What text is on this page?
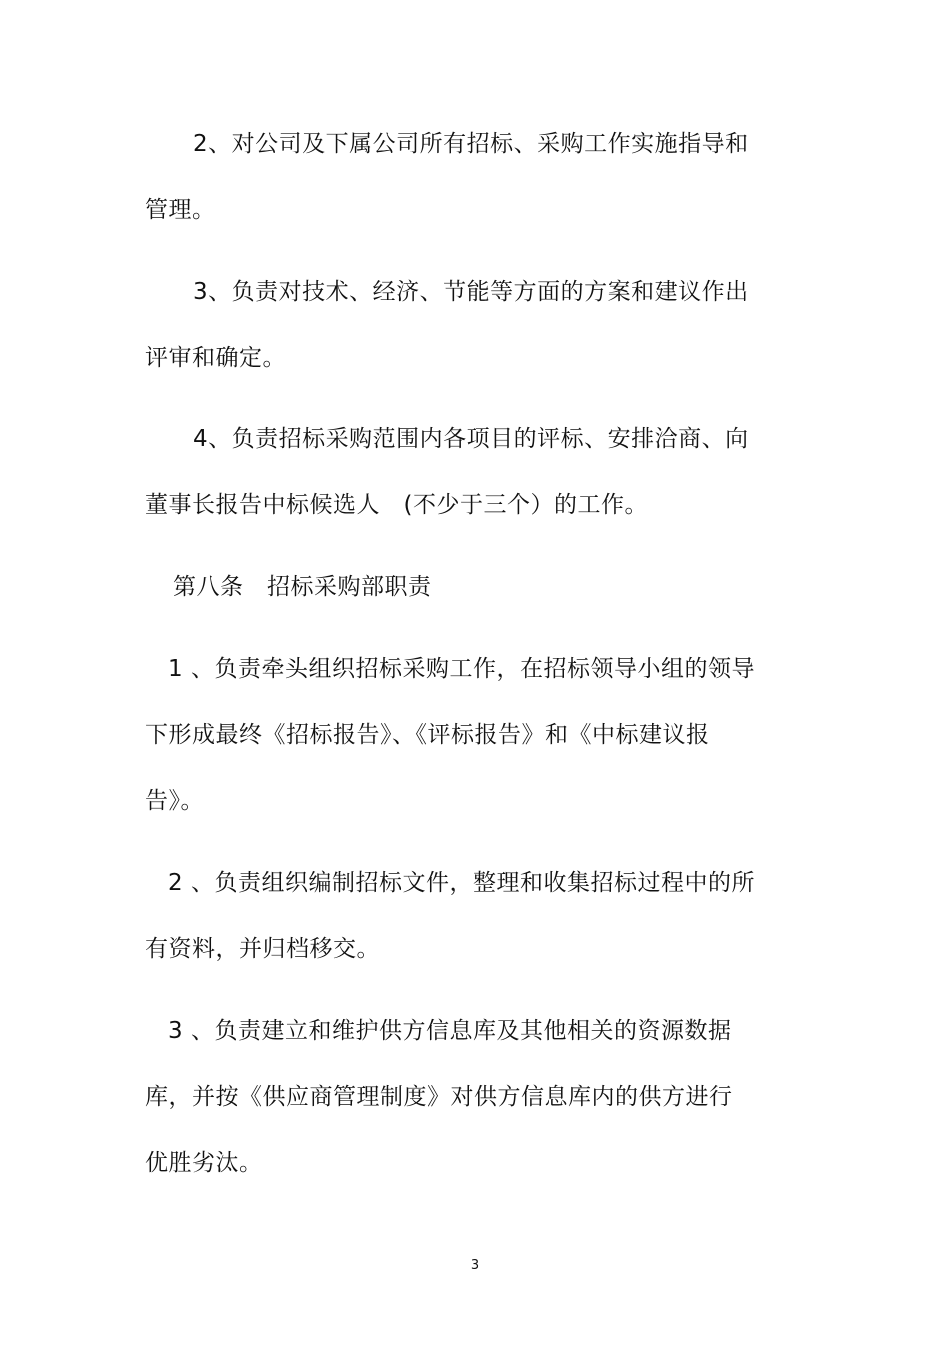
2、对公司及下属公司所有招标、采购工作实施指导和
管理。
3、负责对技术、经济、节能等方面的方案和建议作出
评审和确定。
4、负责招标采购范围内各项目的评标、安排洽商、向
董事长报告中标候选人　(不少于三个）的工作。
第八条　招标采购部职责
1 、负责牵头组织招标采购工作，在招标领导小组的领导
下形成最终《招标报告》、《评标报告》和《中标建议报
告》。
2 、负责组织编制招标文件，整理和收集招标过程中的所
有资料，并归档移交。
3 、负责建立和维护供方信息库及其他相关的资源数据
库，并按《供应商管理制度》对供方信息库内的供方进行
优胜劣汰。
3
